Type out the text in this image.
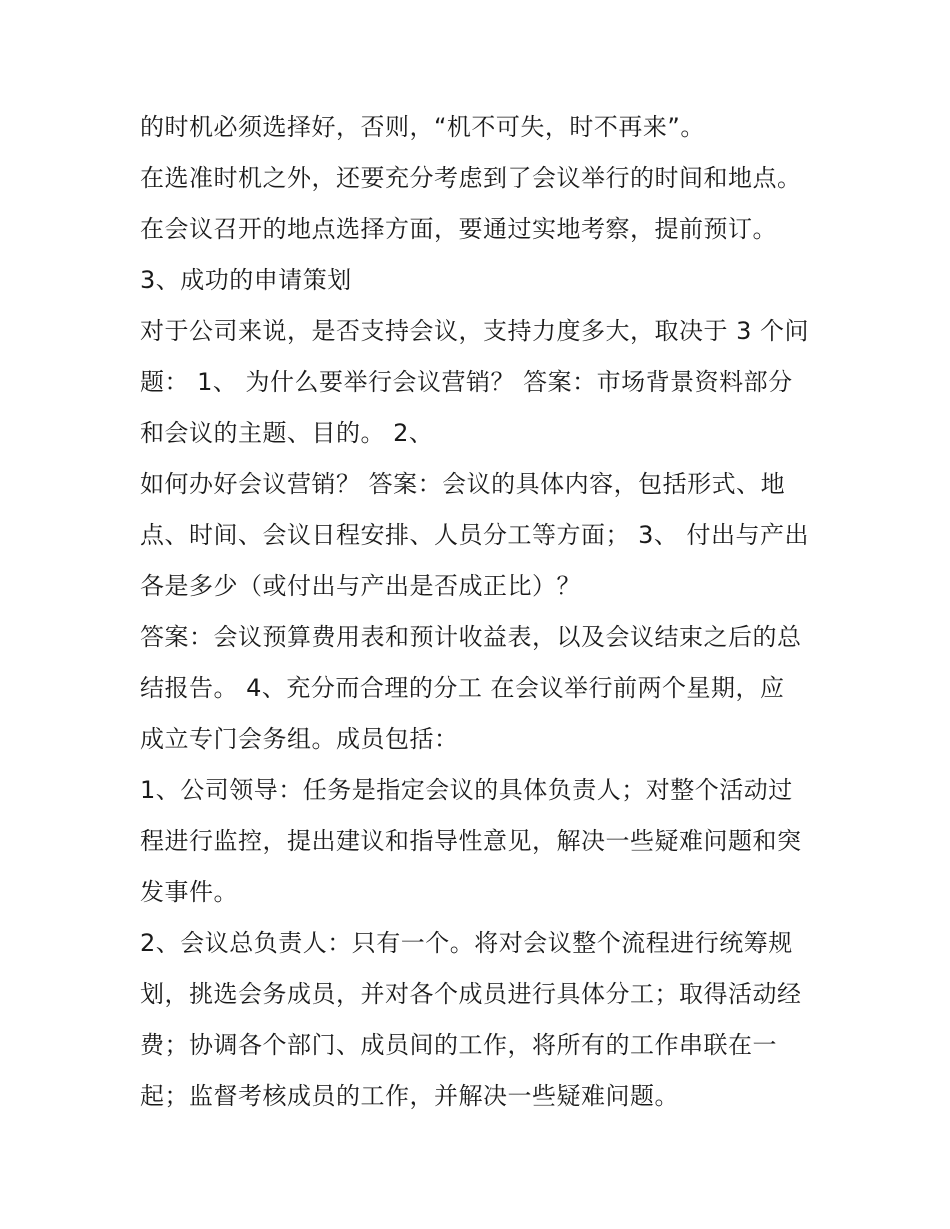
的时机必须选择好，否则，“机不可失，时不再来”。
在选准时机之外，还要充分考虑到了会议举行的时间和地点。
在会议召开的地点选择方面，要通过实地考察，提前预订。
3、成功的申请策划
对于公司来说，是否支持会议，支持力度多大，取决于 3 个问
题： 1、 为什么要举行会议营销？ 答案：市场背景资料部分
和会议的主题、目的。 2、
如何办好会议营销？ 答案：会议的具体内容，包括形式、地
点、时间、会议日程安排、人员分工等方面； 3、 付出与产出
各是多少（或付出与产出是否成正比）？
答案：会议预算费用表和预计收益表，以及会议结束之后的总
结报告。 4、充分而合理的分工 在会议举行前两个星期，应
成立专门会务组。成员包括：
1、公司领导：任务是指定会议的具体负责人；对整个活动过
程进行监控，提出建议和指导性意见，解决一些疑难问题和突
发事件。
2、会议总负责人：只有一个。将对会议整个流程进行统筹规
划，挑选会务成员，并对各个成员进行具体分工；取得活动经
费；协调各个部门、成员间的工作，将所有的工作串联在一
起；监督考核成员的工作，并解决一些疑难问题。
